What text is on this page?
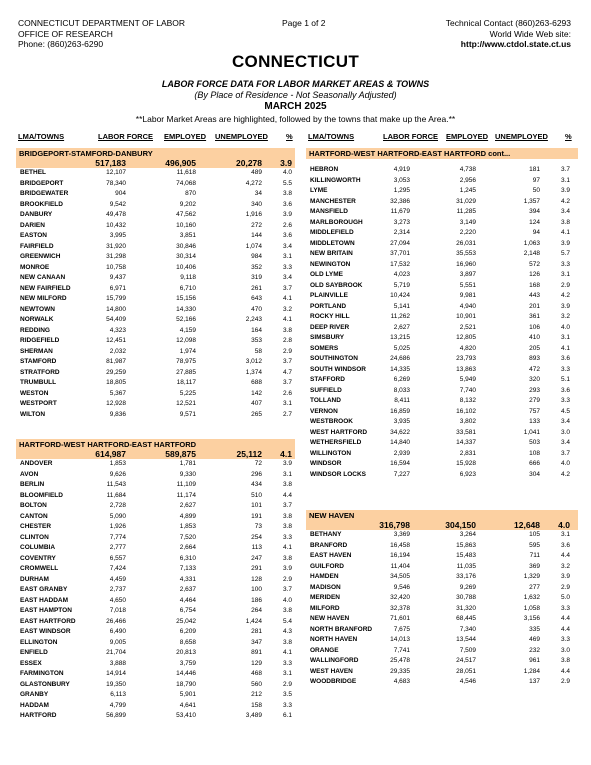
CONNECTICUT DEPARTMENT OF LABOR
OFFICE OF RESEARCH
Phone: (860)263-6290
Page 1 of 2	Technical Contact (860)263-6293
World Wide Web site:
http://www.ctdol.state.ct.us
CONNECTICUT
LABOR FORCE DATA FOR LABOR MARKET AREAS & TOWNS
(By Place of Residence - Not Seasonally Adjusted)
MARCH 2025
**Labor Market Areas are highlighted, followed by the towns that make up the Area.**
LMA/TOWNS	LABOR FORCE EMPLOYED UNEMPLOYED % LMA/TOWNS	LABOR FORCE EMPLOYED UNEMPLOYED %
BRIDGEPORT-STAMFORD-DANBURY
517,183	496,905	20,278	3.9
BETHEL	12,107	11,618	489	4.0
BRIDGEPORT	78,340	74,068	4,272	5.5
BRIDGEWATER	904	870	34	3.8
BROOKFIELD	9,542	9,202	340	3.6
DANBURY	49,478	47,562	1,916	3.9
DARIEN	10,432	10,160	272	2.6
EASTON	3,995	3,851	144	3.6
FAIRFIELD	31,920	30,846	1,074	3.4
GREENWICH	31,298	30,314	984	3.1
MONROE	10,758	10,406	352	3.3
NEW CANAAN	9,437	9,118	319	3.4
NEW FAIRFIELD	6,971	6,710	261	3.7
NEW MILFORD	15,799	15,156	643	4.1
NEWTOWN	14,800	14,330	470	3.2
NORWALK	54,409	52,166	2,243	4.1
REDDING	4,323	4,159	164	3.8
RIDGEFIELD	12,451	12,098	353	2.8
SHERMAN	2,032	1,974	58	2.9
STAMFORD	81,987	78,975	3,012	3.7
STRATFORD	29,259	27,885	1,374	4.7
TRUMBULL	18,805	18,117	688	3.7
WESTON	5,367	5,225	142	2.6
WESTPORT	12,928	12,521	407	3.1
WILTON	9,836	9,571	265	2.7
HARTFORD-WEST HARTFORD-EAST HARTFORD
614,987	589,875	25,112	4.1
ANDOVER	1,853	1,781	72	3.9
AVON	9,626	9,330	296	3.1
BERLIN	11,543	11,109	434	3.8
BLOOMFIELD	11,684	11,174	510	4.4
BOLTON	2,728	2,627	101	3.7
CANTON	5,090	4,899	191	3.8
CHESTER	1,926	1,853	73	3.8
CLINTON	7,774	7,520	254	3.3
COLUMBIA	2,777	2,664	113	4.1
COVENTRY	6,557	6,310	247	3.8
CROMWELL	7,424	7,133	291	3.9
DURHAM	4,459	4,331	128	2.9
EAST GRANBY	2,737	2,637	100	3.7
EAST HADDAM	4,650	4,464	186	4.0
EAST HAMPTON	7,018	6,754	264	3.8
EAST HARTFORD	26,466	25,042	1,424	5.4
EAST WINDSOR	6,490	6,209	281	4.3
ELLINGTON	9,005	8,658	347	3.8
ENFIELD	21,704	20,813	891	4.1
ESSEX	3,888	3,759	129	3.3
FARMINGTON	14,914	14,446	468	3.1
GLASTONBURY	19,350	18,790	560	2.9
GRANBY	6,113	5,901	212	3.5
HADDAM	4,799	4,641	158	3.3
HARTFORD	56,899	53,410	3,489	6.1
HARTFORD-WEST HARTFORD-EAST HARTFORD cont...
HEBRON	4,919	4,738	181	3.7
KILLINGWORTH	3,053	2,956	97	3.1
LYME	1,295	1,245	50	3.9
MANCHESTER	32,386	31,029	1,357	4.2
MANSFIELD	11,679	11,285	394	3.4
MARLBOROUGH	3,273	3,149	124	3.8
MIDDLEFIELD	2,314	2,220	94	4.1
MIDDLETOWN	27,094	26,031	1,063	3.9
NEW BRITAIN	37,701	35,553	2,148	5.7
NEWINGTON	17,532	16,960	572	3.3
OLD LYME	4,023	3,897	126	3.1
OLD SAYBROOK	5,719	5,551	168	2.9
PLAINVILLE	10,424	9,981	443	4.2
PORTLAND	5,141	4,940	201	3.9
ROCKY HILL	11,262	10,901	361	3.2
DEEP RIVER	2,627	2,521	106	4.0
SIMSBURY	13,215	12,805	410	3.1
SOMERS	5,025	4,820	205	4.1
SOUTHINGTON	24,686	23,793	893	3.6
SOUTH WINDSOR	14,335	13,863	472	3.3
STAFFORD	6,269	5,949	320	5.1
SUFFIELD	8,033	7,740	293	3.6
TOLLAND	8,411	8,132	279	3.3
VERNON	16,859	16,102	757	4.5
WESTBROOK	3,935	3,802	133	3.4
WEST HARTFORD	34,622	33,581	1,041	3.0
WETHERSFIELD	14,840	14,337	503	3.4
WILLINGTON	2,939	2,831	108	3.7
WINDSOR	16,594	15,928	666	4.0
WINDSOR LOCKS	7,227	6,923	304	4.2
NEW HAVEN
316,798	304,150	12,648	4.0
BETHANY	3,369	3,264	105	3.1
BRANFORD	16,458	15,863	595	3.6
EAST HAVEN	16,194	15,483	711	4.4
GUILFORD	11,404	11,035	369	3.2
HAMDEN	34,505	33,176	1,329	3.9
MADISON	9,546	9,269	277	2.9
MERIDEN	32,420	30,788	1,632	5.0
MILFORD	32,378	31,320	1,058	3.3
NEW HAVEN	71,601	68,445	3,156	4.4
NORTH BRANFORD	7,675	7,340	335	4.4
NORTH HAVEN	14,013	13,544	469	3.3
ORANGE	7,741	7,509	232	3.0
WALLINGFORD	25,478	24,517	961	3.8
WEST HAVEN	29,335	28,051	1,284	4.4
WOODBRIDGE	4,683	4,546	137	2.9
